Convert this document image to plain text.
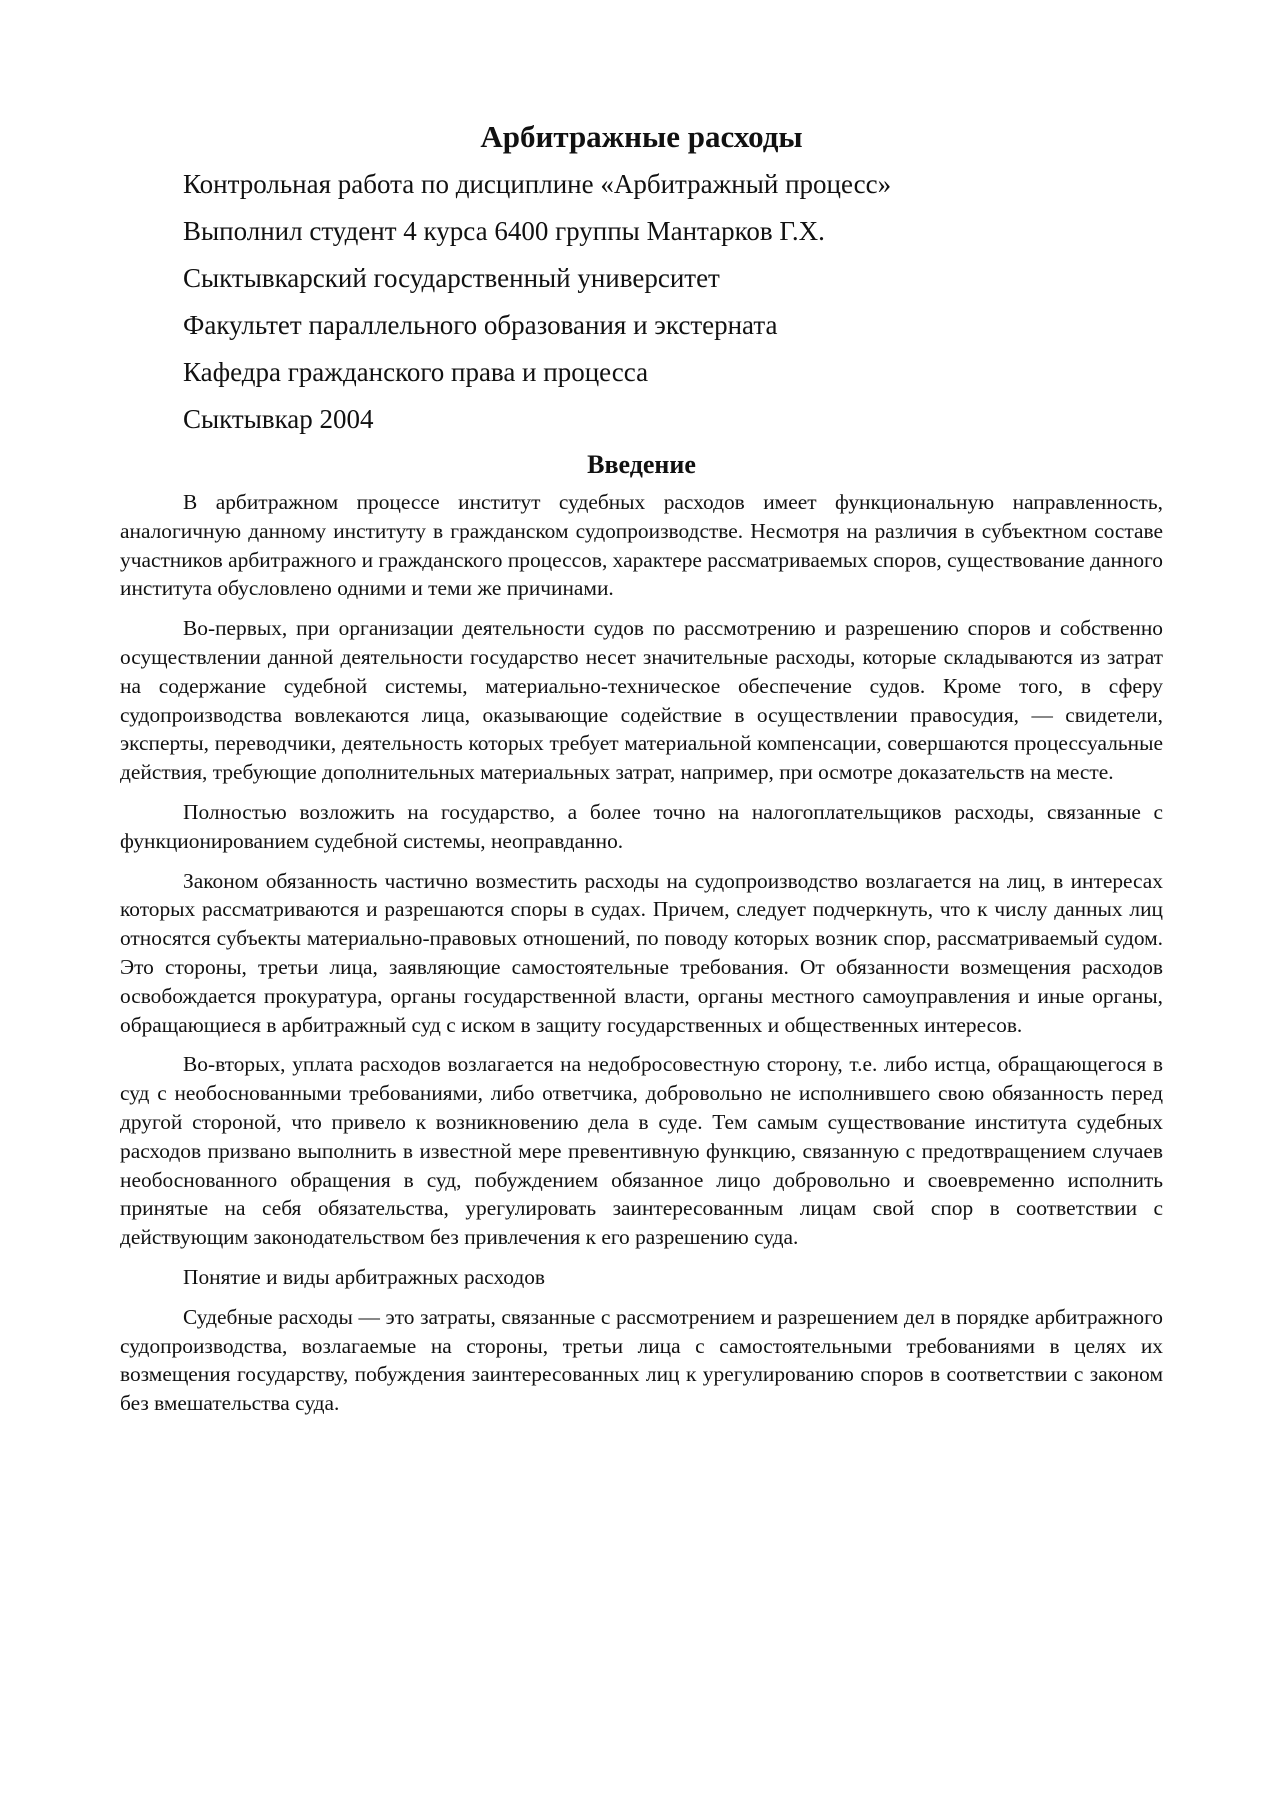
Арбитражные расходы

Контрольная работа по дисциплине «Арбитражный процесс»

Выполнил студент 4 курса 6400 группы Мантарков Г.Х.

Сыктывкарский государственный университет

Факультет параллельного образования и экстерната

Кафедра гражданского права и процесса

Сыктывкар 2004

Введение

В арбитражном процессе институт судебных расходов имеет функциональную направленность, аналогичную данному институту в гражданском судопроизводстве. Несмотря на различия в субъектном составе участников арбитражного и гражданского процессов, характере рассматриваемых споров, существование данного института обусловлено одними и теми же причинами.

Во-первых, при организации деятельности судов по рассмотрению и разрешению споров и собственно осуществлении данной деятельности государство несет значительные расходы, которые складываются из затрат на содержание судебной системы, материально-техническое обеспечение судов. Кроме того, в сферу судопроизводства вовлекаются лица, оказывающие содействие в осуществлении правосудия, — свидетели, эксперты, переводчики, деятельность которых требует материальной компенсации, совершаются процессуальные действия, требующие дополнительных материальных затрат, например, при осмотре доказательств на месте.

Полностью возложить на государство, а более точно на налогоплательщиков расходы, связанные с функционированием судебной системы, неоправданно.

Законом обязанность частично возместить расходы на судопроизводство возлагается на лиц, в интересах которых рассматриваются и разрешаются споры в судах. Причем, следует подчеркнуть, что к числу данных лиц относятся субъекты материально-правовых отношений, по поводу которых возник спор, рассматриваемый судом. Это стороны, третьи лица, заявляющие самостоятельные требования. От обязанности возмещения расходов освобождается прокуратура, органы государственной власти, органы местного самоуправления и иные органы, обращающиеся в арбитражный суд с иском в защиту государственных и общественных интересов.

Во-вторых, уплата расходов возлагается на недобросовестную сторону, т.е. либо истца, обращающегося в суд с необоснованными требованиями, либо ответчика, добровольно не исполнившего свою обязанность перед другой стороной, что привело к возникновению дела в суде. Тем самым существование института судебных расходов призвано выполнить в известной мере превентивную функцию, связанную с предотвращением случаев необоснованного обращения в суд, побуждением обязанное лицо добровольно и своевременно исполнить принятые на себя обязательства, урегулировать заинтересованным лицам свой спор в соответствии с действующим законодательством без привлечения к его разрешению суда.

Понятие и виды арбитражных расходов

Судебные расходы — это затраты, связанные с рассмотрением и разрешением дел в порядке арбитражного судопроизводства, возлагаемые на стороны, третьи лица с самостоятельными требованиями в целях их возмещения государству, побуждения заинтересованных лиц к урегулированию споров в соответствии с законом без вмешательства суда.
